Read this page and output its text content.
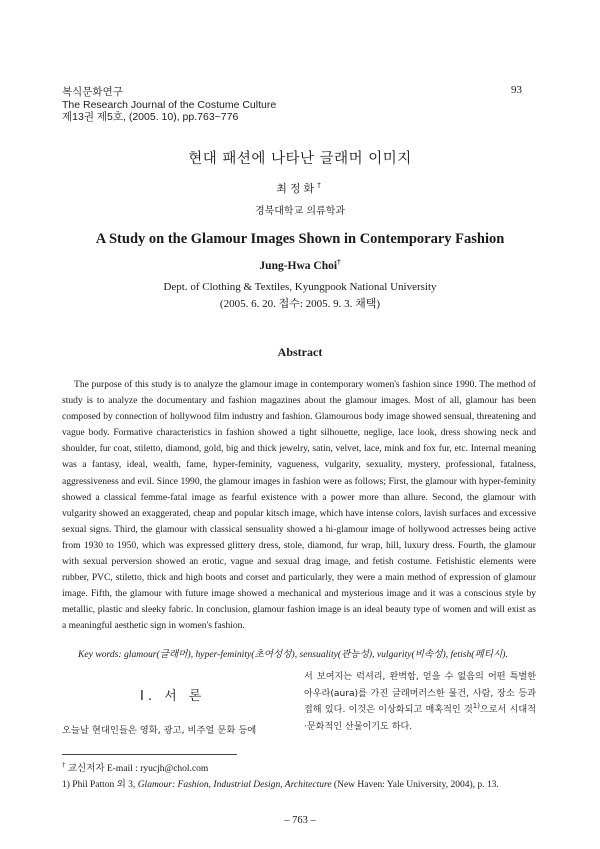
복식문화연구
The Research Journal of the Costume Culture
제13권 제5호, (2005. 10), pp.763~776
93
현대 패션에 나타난 글래머 이미지
최정화†
경북대학교 의류학과
A Study on the Glamour Images Shown in Contemporary Fashion
Jung-Hwa Choi†
Dept. of Clothing & Textiles, Kyungpook National University
(2005. 6. 20. 접수: 2005. 9. 3. 채택)
Abstract
The purpose of this study is to analyze the glamour image in contemporary women's fashion since 1990. The method of study is to analyze the documentary and fashion magazines about the glamour images. Most of all, glamour has been composed by connection of hollywood film industry and fashion. Glamourous body image showed sensual, threatening and vague body. Formative characteristics in fashion showed a tight silhouette, neglige, lace look, dress showing neck and shoulder, fur coat, stiletto, diamond, gold, big and thick jewelry, satin, velvet, lace, mink and fox fur, etc. Internal meaning was a fantasy, ideal, wealth, fame, hyper-feminity, vagueness, vulgarity, sexuality, mystery, professional, fatalness, aggressiveness and evil. Since 1990, the glamour images in fashion were as follows; First, the glamour with hyper-feminity showed a classical femme-fatal image as fearful existence with a power more than allure. Second, the glamour with vulgarity showed an exaggerated, cheap and popular kitsch image, which have intense colors, lavish surfaces and excessive sexual signs. Third, the glamour with classical sensuality showed a hi-glamour image of hollywood actresses being active from 1930 to 1950, which was expressed glittery dress, stole, diamond, fur wrap, hill, luxury dress. Fourth, the glamour with sexual perversion showed an erotic, vague and sexual drag image, and fetish costume. Fetishistic elements were rubber, PVC, stiletto, thick and high boots and corset and particularly, they were a main method of expression of glamour image. Fifth, the glamour with future image showed a mechanical and mysterious image and it was a conscious style by metallic, plastic and sleeky fabric. In conclusion, glamour fashion image is an ideal beauty type of women and will exist as a meaningful aesthetic sign in women's fashion.
Key words: glamour(글래머), hyper-feminity(초여성성), sensuality(관능성), vulgarity(비속성), fetish(페티시).
Ⅰ. 서 론
오늘날 현대인들은 영화, 광고, 비주얼 문화 등에
서 보여지는 럭셔리, 완벽함, 얻을 수 없음의 어떤 특별한 아우라(aura)를 가진 글래머러스한 물건, 사람, 장소 등과 접해 있다. 이것은 이상화되고 매혹적인 것$^{1)}$으로서 시대적·문화적인 산물이기도 하다.
† 교신저자 E-mail : ryucjh@chol.com
1) Phil Patton 외 3, Glamour: Fashion, Industrial Design, Architecture (New Haven: Yale University, 2004), p. 13.
– 763 –
